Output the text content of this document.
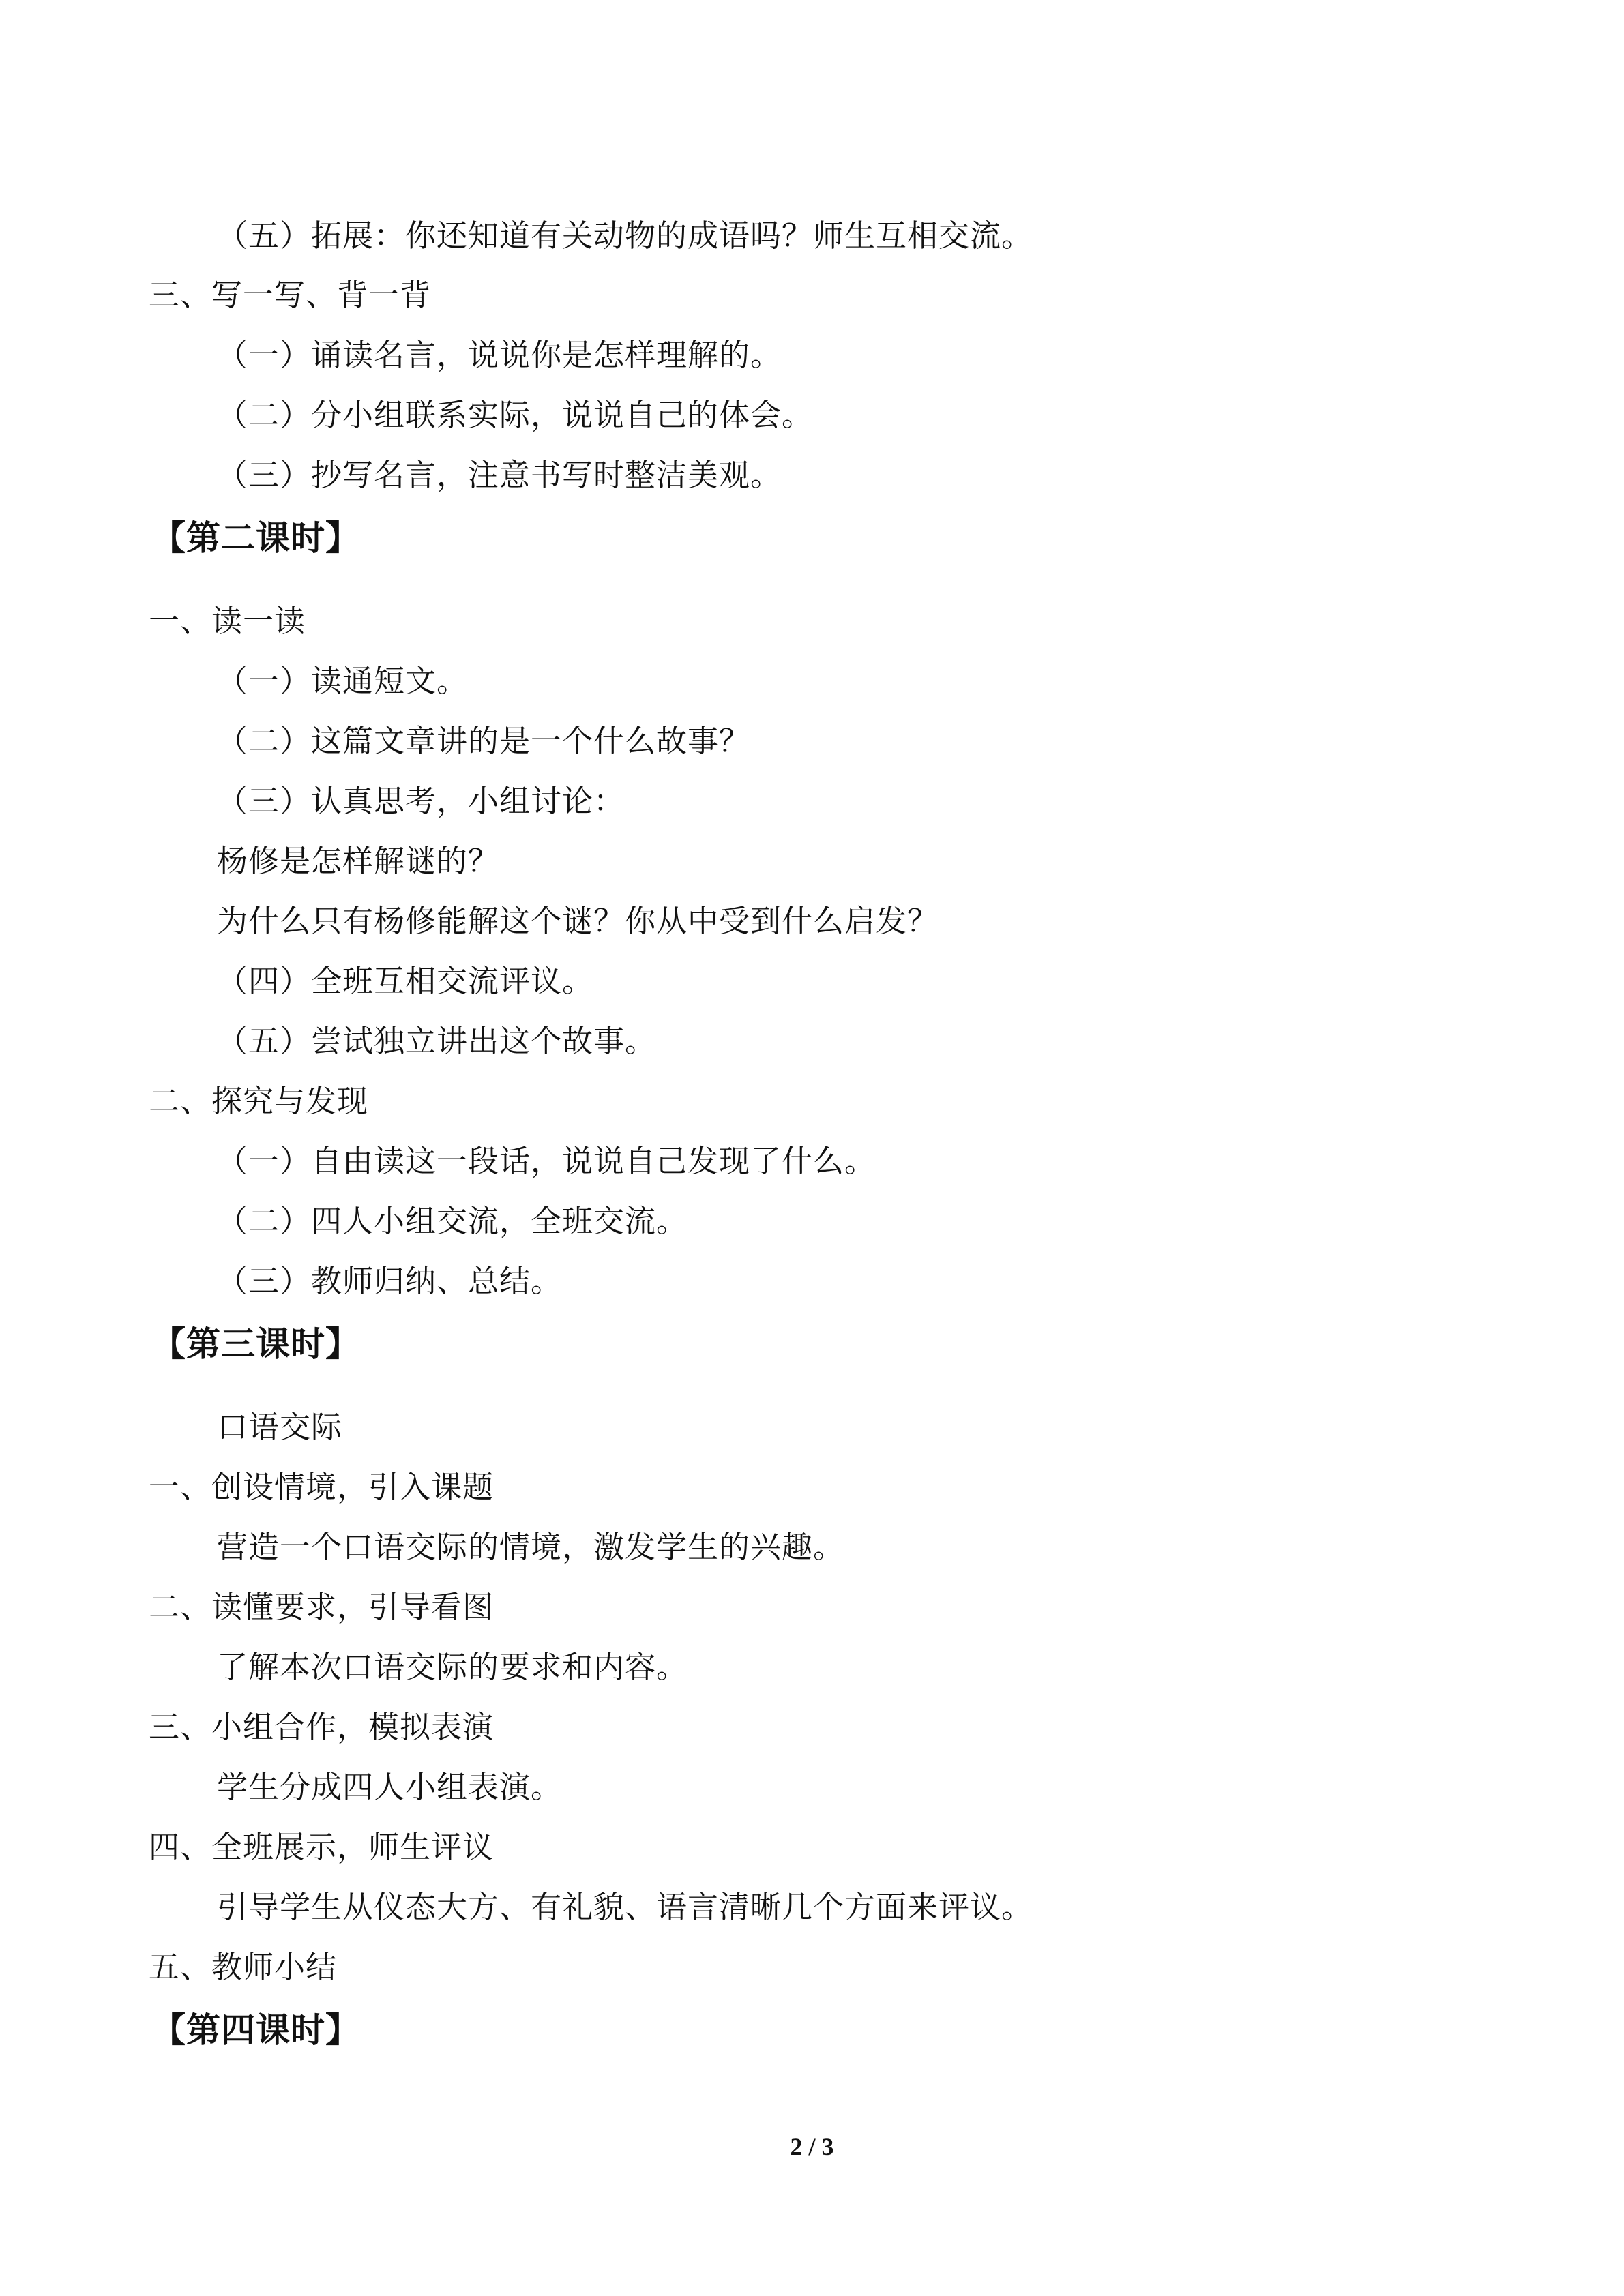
（五）拓展：你还知道有关动物的成语吗？师生互相交流。
三、写一写、背一背
（一）诵读名言，说说你是怎样理解的。
（二）分小组联系实际，说说自己的体会。
（三）抄写名言，注意书写时整洁美观。
【第二课时】
一、读一读
（一）读通短文。
（二）这篇文章讲的是一个什么故事？
（三）认真思考，小组讨论：
杨修是怎样解谜的？
为什么只有杨修能解这个谜？你从中受到什么启发？
（四）全班互相交流评议。
（五）尝试独立讲出这个故事。
二、探究与发现
（一）自由读这一段话，说说自己发现了什么。
（二）四人小组交流，全班交流。
（三）教师归纳、总结。
【第三课时】
口语交际
一、创设情境，引入课题
营造一个口语交际的情境，激发学生的兴趣。
二、读懂要求，引导看图
了解本次口语交际的要求和内容。
三、小组合作，模拟表演
学生分成四人小组表演。
四、全班展示，师生评议
引导学生从仪态大方、有礼貌、语言清晰几个方面来评议。
五、教师小结
【第四课时】
2 / 3
